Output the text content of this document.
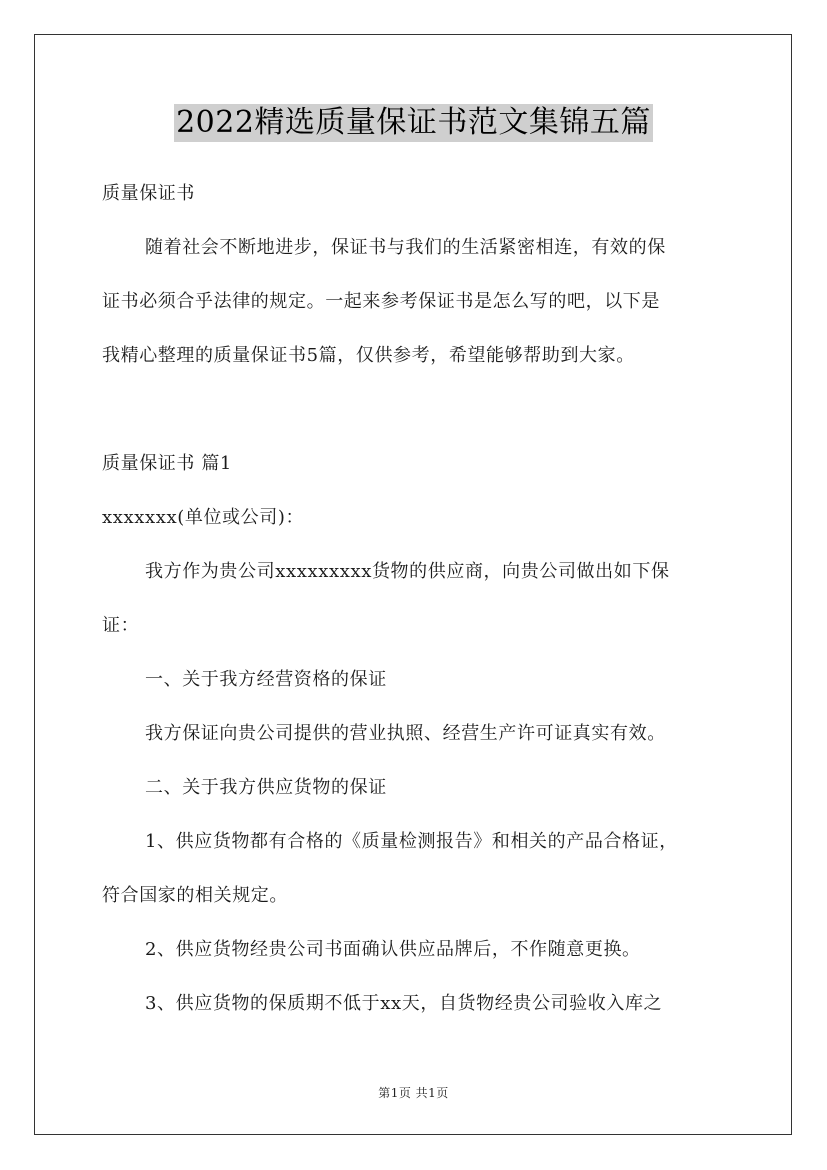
2022精选质量保证书范文集锦五篇
质量保证书
随着社会不断地进步，保证书与我们的生活紧密相连，有效的保
证书必须合乎法律的规定。一起来参考保证书是怎么写的吧，以下是
我精心整理的质量保证书5篇，仅供参考，希望能够帮助到大家。
质量保证书 篇1
xxxxxxx(单位或公司)：
我方作为贵公司xxxxxxxxx货物的供应商，向贵公司做出如下保
证：
一、关于我方经营资格的保证
我方保证向贵公司提供的营业执照、经营生产许可证真实有效。
二、关于我方供应货物的保证
1、供应货物都有合格的《质量检测报告》和相关的产品合格证，
符合国家的相关规定。
2、供应货物经贵公司书面确认供应品牌后，不作随意更换。
3、供应货物的保质期不低于xx天，自货物经贵公司验收入库之
第1页 共1页
